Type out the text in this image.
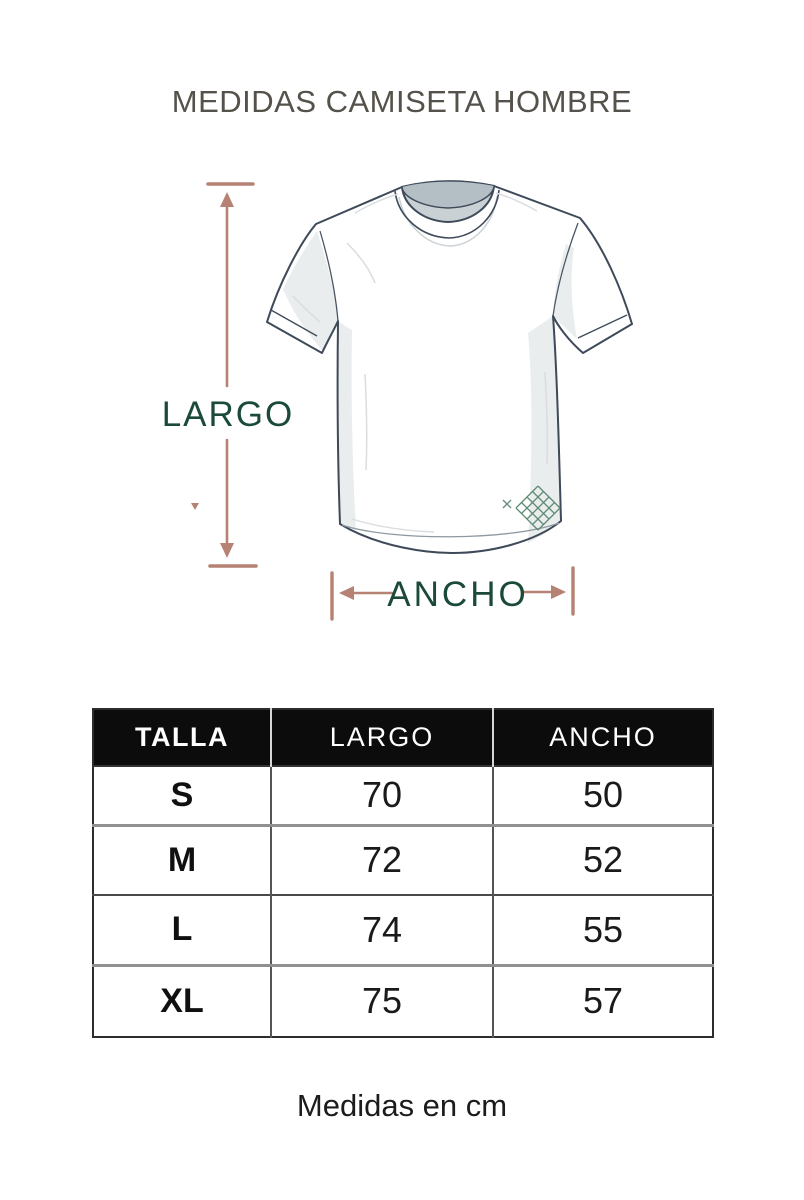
MEDIDAS CAMISETA HOMBRE
LARGO
ANCHO
TALLA	LARGO	ANCHO
S	70	50
M	72	52
L	74	55
XL	75	57
Medidas en cm
